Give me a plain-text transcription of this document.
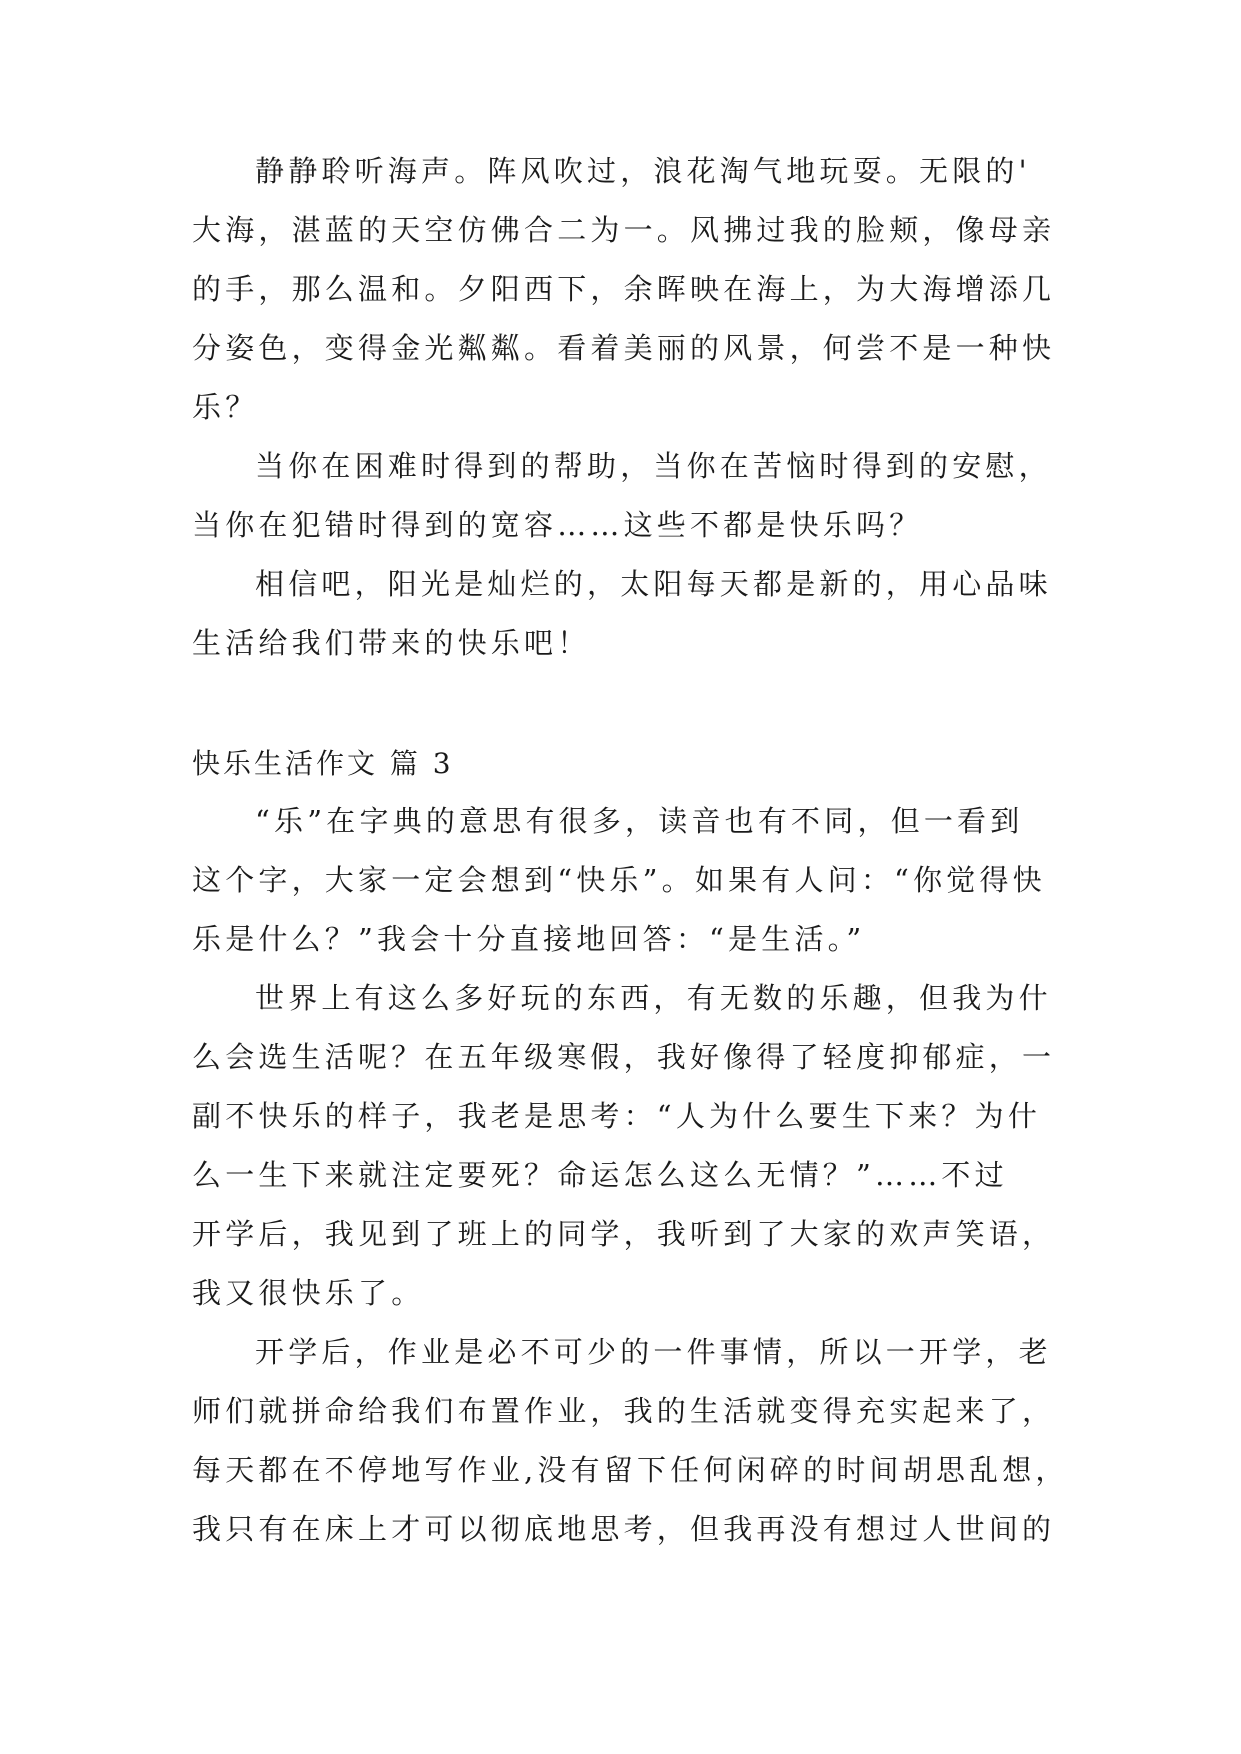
静静聆听海声。阵风吹过，浪花淘气地玩耍。无限的'
大海，湛蓝的天空仿佛合二为一。风拂过我的脸颊，像母亲
的手，那么温和。夕阳西下，余晖映在海上，为大海增添几
分姿色，变得金光粼粼。看着美丽的风景，何尝不是一种快
乐？
当你在困难时得到的帮助，当你在苦恼时得到的安慰，
当你在犯错时得到的宽容……这些不都是快乐吗？
相信吧，阳光是灿烂的，太阳每天都是新的，用心品味
生活给我们带来的快乐吧！
快乐生活作文 篇 3
“乐”在字典的意思有很多，读音也有不同，但一看到
这个字，大家一定会想到“快乐”。如果有人问：“你觉得快
乐是什么？”我会十分直接地回答：“是生活。”
世界上有这么多好玩的东西，有无数的乐趣，但我为什
么会选生活呢？在五年级寒假，我好像得了轻度抑郁症，一
副不快乐的样子，我老是思考：“人为什么要生下来？为什
么一生下来就注定要死？命运怎么这么无情？”……不过
开学后，我见到了班上的同学，我听到了大家的欢声笑语，
我又很快乐了。
开学后，作业是必不可少的一件事情，所以一开学，老
师们就拼命给我们布置作业，我的生活就变得充实起来了，
每天都在不停地写作业,没有留下任何闲碎的时间胡思乱想，
我只有在床上才可以彻底地思考，但我再没有想过人世间的
